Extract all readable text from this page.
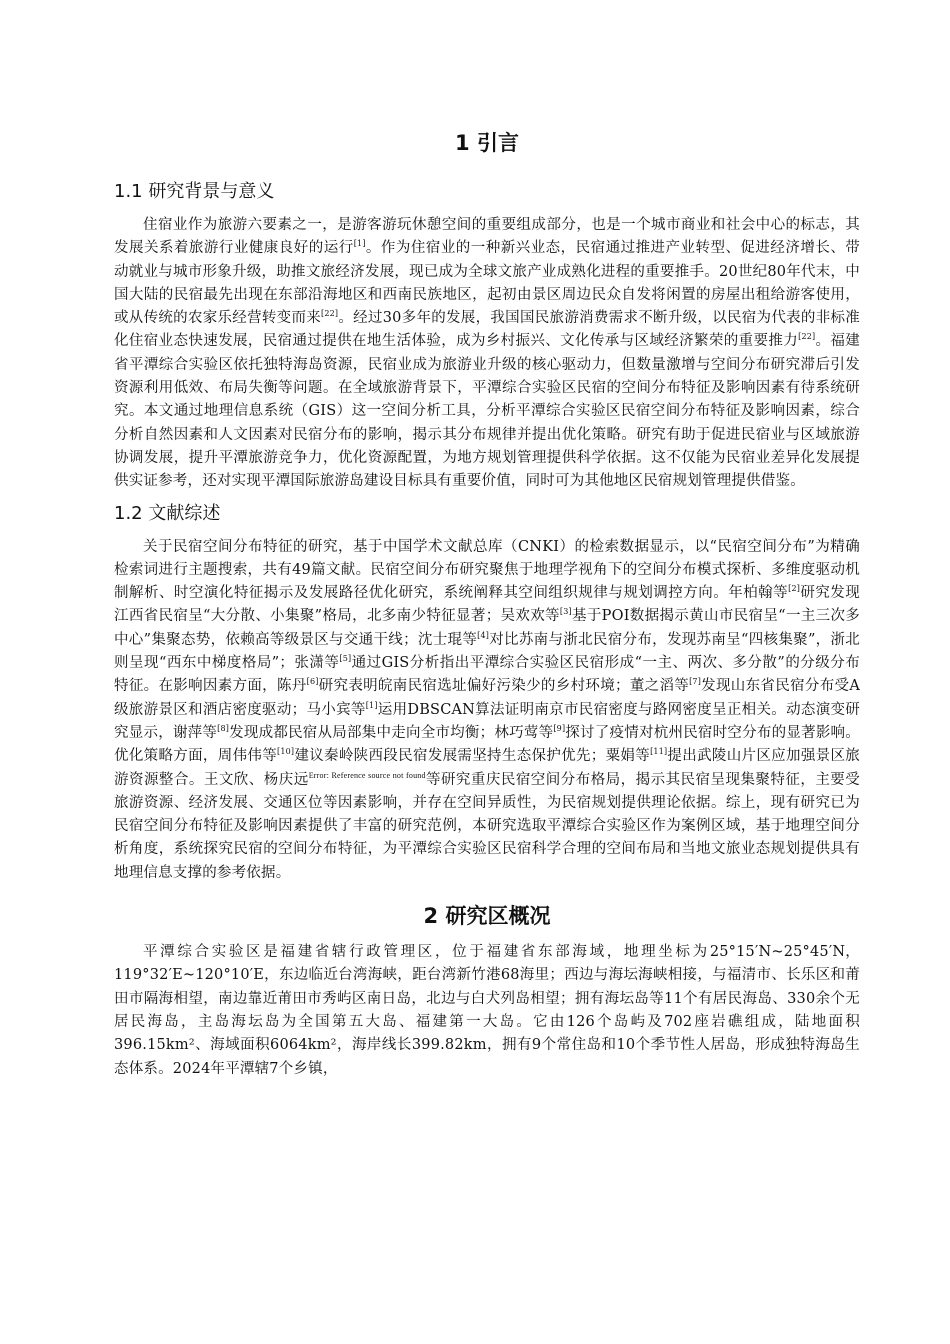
1 引言
1.1 研究背景与意义

住宿业作为旅游六要素之一，是游客游玩休憩空间的重要组成部分，也是一个城市商业和社会中心的标志，其发展关系着旅游行业健康良好的运行[1]。作为住宿业的一种新兴业态，民宿通过推进产业转型、促进经济增长、带动就业与城市形象升级，助推文旅经济发展，现已成为全球文旅产业成熟化进程的重要推手。20世纪80年代末，中国大陆的民宿最先出现在东部沿海地区和西南民族地区，起初由景区周边民众自发将闲置的房屋出租给游客使用，或从传统的农家乐经营转变而来[22]。经过30多年的发展，我国国民旅游消费需求不断升级，以民宿为代表的非标准化住宿业态快速发展，民宿通过提供在地生活体验，成为乡村振兴、文化传承与区域经济繁荣的重要推力[22]。福建省平潭综合实验区依托独特海岛资源，民宿业成为旅游业升级的核心驱动力，但数量激增与空间分布研究滞后引发资源利用低效、布局失衡等问题。在全域旅游背景下，平潭综合实验区民宿的空间分布特征及影响因素有待系统研究。本文通过地理信息系统（GIS）这一空间分析工具，分析平潭综合实验区民宿空间分布特征及影响因素，综合分析自然因素和人文因素对民宿分布的影响，揭示其分布规律并提出优化策略。研究有助于促进民宿业与区域旅游协调发展，提升平潭旅游竞争力，优化资源配置，为地方规划管理提供科学依据。这不仅能为民宿业差异化发展提供实证参考，还对实现平潭国际旅游岛建设目标具有重要价值，同时可为其他地区民宿规划管理提供借鉴。

1.2 文献综述

关于民宿空间分布特征的研究，基于中国学术文献总库（CNKI）的检索数据显示，以“民宿空间分布”为精确检索词进行主题搜索，共有49篇文献。民宿空间分布研究聚焦于地理学视角下的空间分布模式探析、多维度驱动机制解析、时空演化特征揭示及发展路径优化研究，系统阐释其空间组织规律与规划调控方向。年柏翰等[2]研究发现江西省民宿呈“大分散、小集聚”格局，北多南少特征显著；吴欢欢等[3]基于POI数据揭示黄山市民宿呈“一主三次多中心”集聚态势，依赖高等级景区与交通干线；沈士琨等[4]对比苏南与浙北民宿分布，发现苏南呈“四核集聚”，浙北则呈现“西东中梯度格局”；张潇等[5]通过GIS分析指出平潭综合实验区民宿形成“一主、两次、多分散”的分级分布特征。在影响因素方面，陈丹[6]研究表明皖南民宿选址偏好污染少的乡村环境；董之滔等[7]发现山东省民宿分布受A级旅游景区和酒店密度驱动；马小宾等[1]运用DBSCAN算法证明南京市民宿密度与路网密度呈正相关。动态演变研究显示，谢萍等[8]发现成都民宿从局部集中走向全市均衡；林巧莺等[9]探讨了疫情对杭州民宿时空分布的显著影响。优化策略方面，周伟伟等[10]建议秦岭陕西段民宿发展需坚持生态保护优先；粟娟等[11]提出武陵山片区应加强景区旅游资源整合。王文欣、杨庆远$^{Error: Reference source not found}$等研究重庆民宿空间分布格局，揭示其民宿呈现集聚特征，主要受旅游资源、经济发展、交通区位等因素影响，并存在空间异质性，为民宿规划提供理论依据。综上，现有研究已为民宿空间分布特征及影响因素提供了丰富的研究范例，本研究选取平潭综合实验区作为案例区域，基于地理空间分析角度，系统探究民宿的空间分布特征，为平潭综合实验区民宿科学合理的空间布局和当地文旅业态规划提供具有地理信息支撑的参考依据。

2 研究区概况

平潭综合实验区是福建省辖行政管理区，位于福建省东部海域，地理坐标为25°15′N~25°45′N，119°32′E~120°10′E，东边临近台湾海峡，距台湾新竹港68海里；西边与海坛海峡相接，与福清市、长乐区和莆田市隔海相望，南边靠近莆田市秀屿区南日岛，北边与白犬列岛相望；拥有海坛岛等11个有居民海岛、330余个无居民海岛，主岛海坛岛为全国第五大岛、福建第一大岛。它由126个岛屿及702座岩礁组成，陆地面积396.15km²、海域面积6064km²，海岸线长399.82km，拥有9个常住岛和10个季节性人居岛，形成独特海岛生态体系。2024年平潭辖7个乡镇，
